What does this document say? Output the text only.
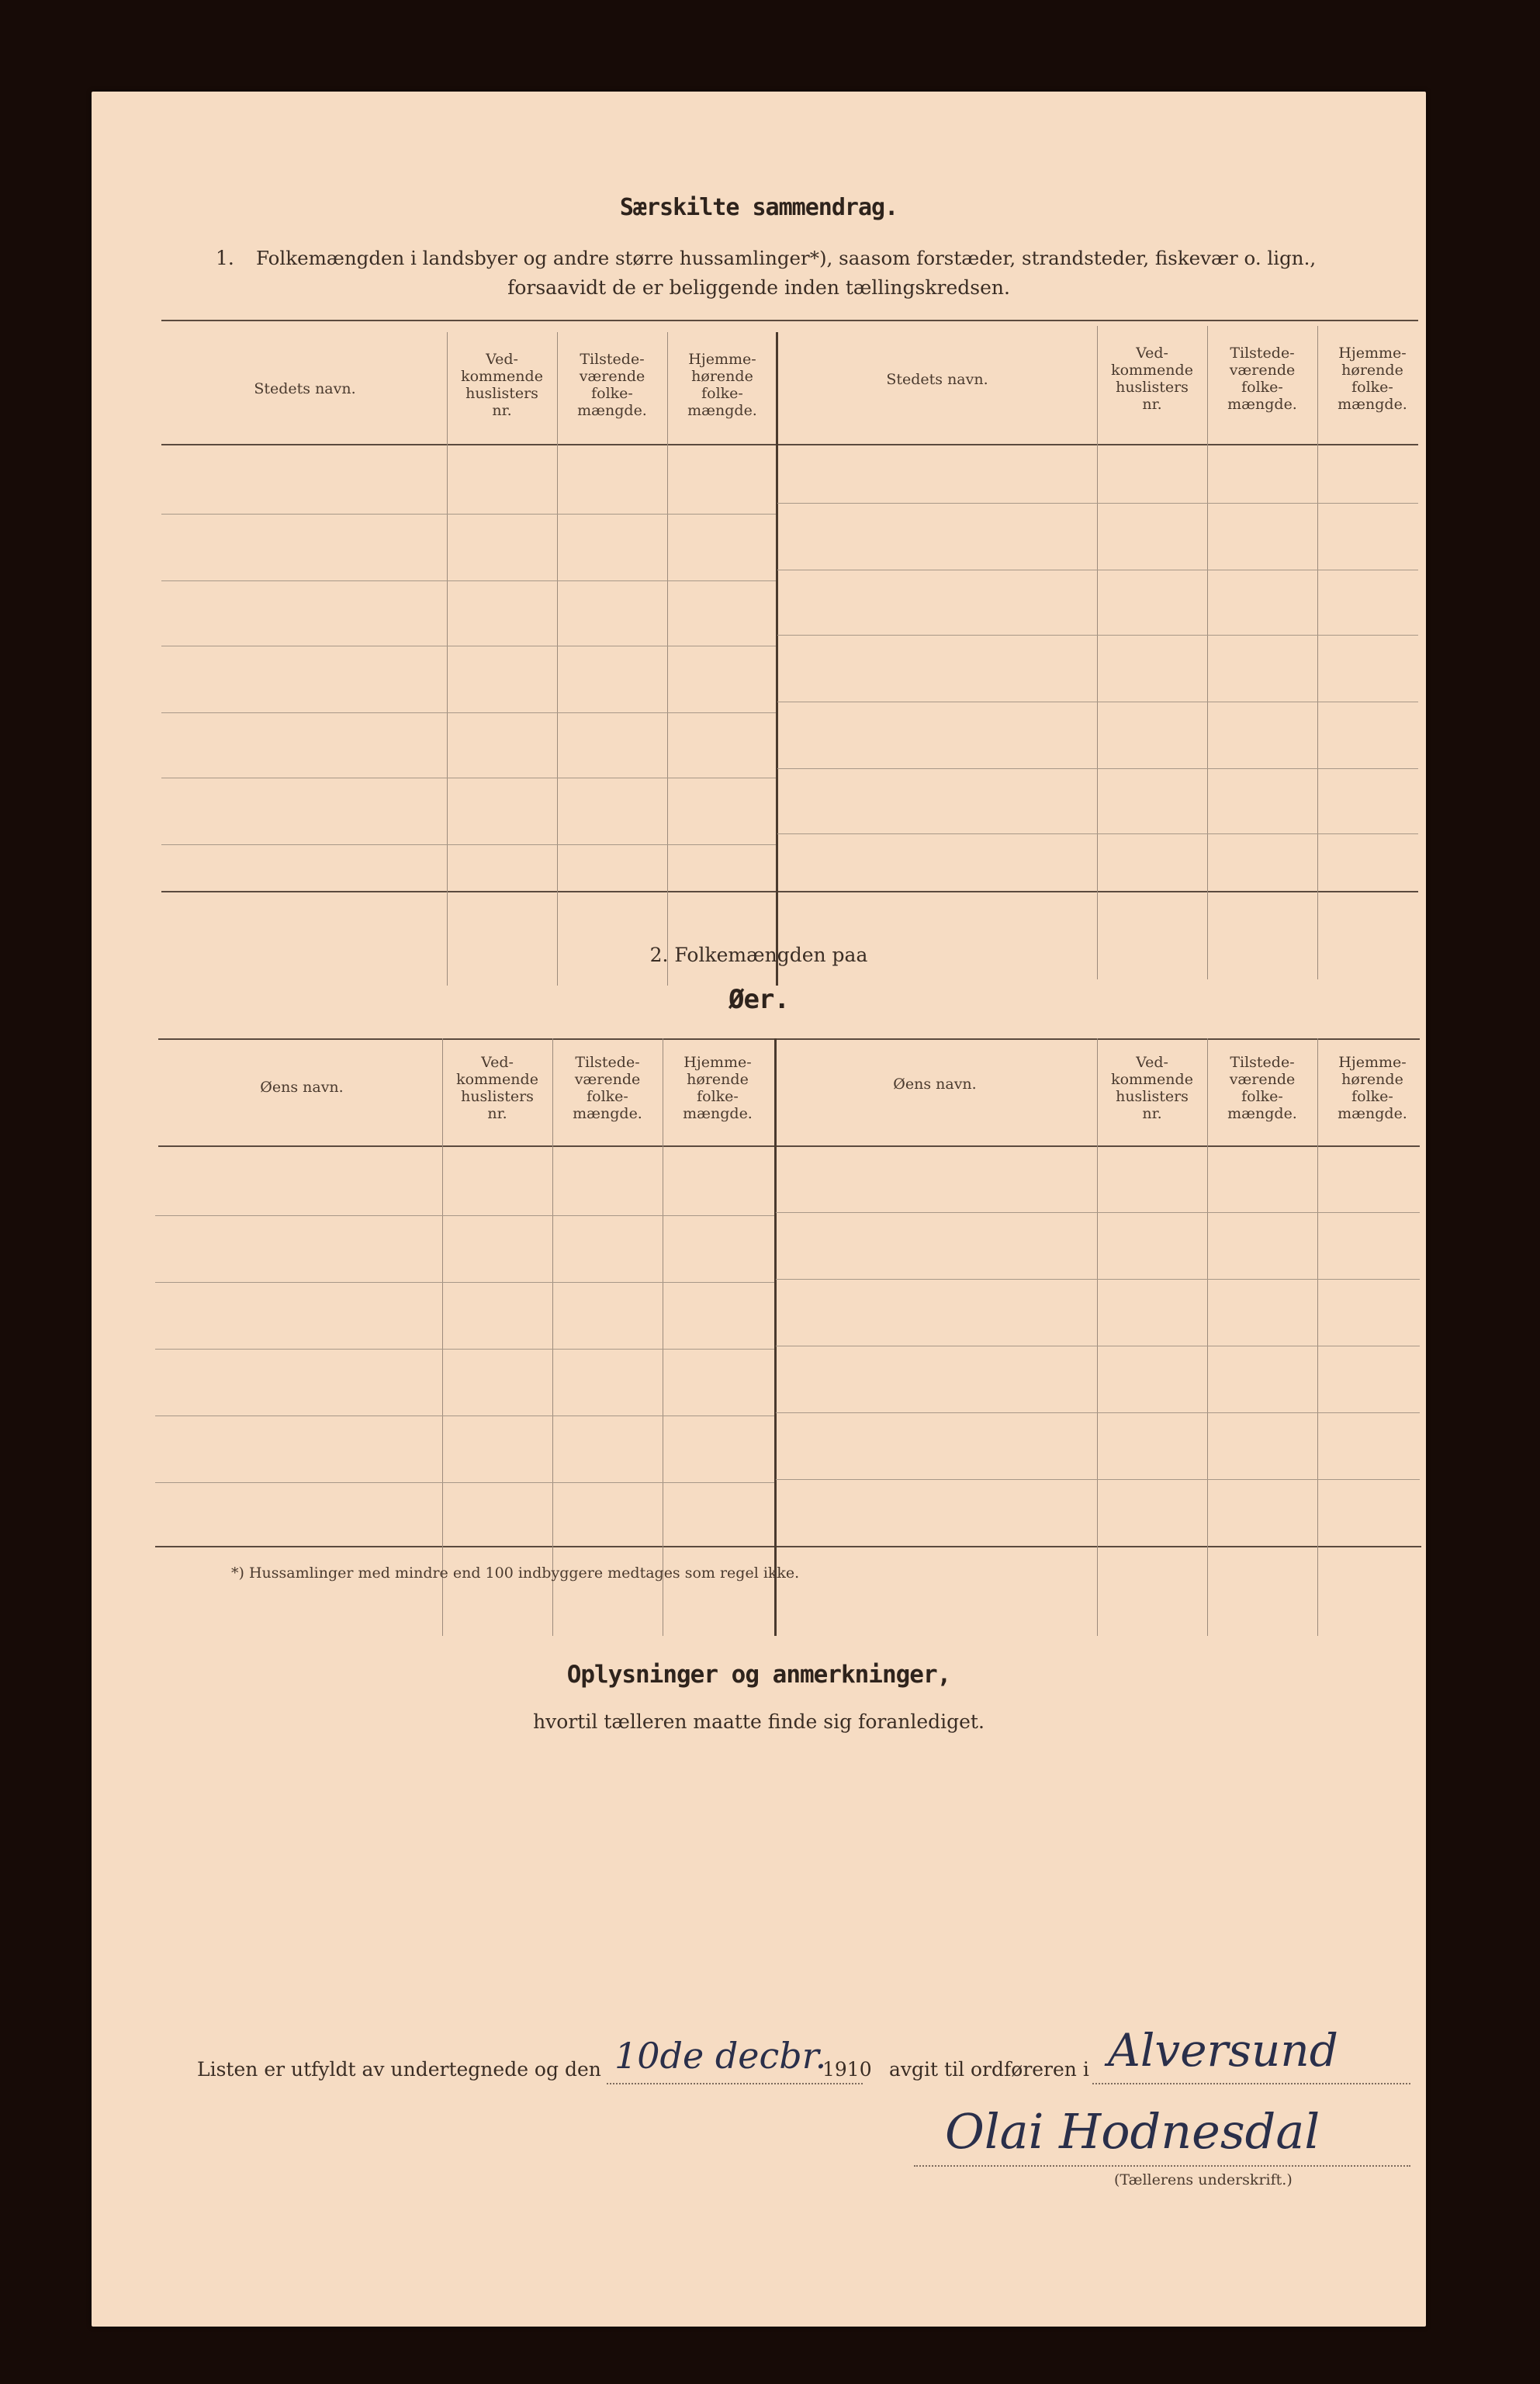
Særskilte sammendrag.
1. Folkemængden i landsbyer og andre større hussamlinger*), saasom forstæder, strandsteder, fiskevær o. lign.,
forsaavidt de er beliggende inden tællingskredsen.
Stedets navn.
Ved-
kommende
huslisters
nr.
Tilstede-
værende
folke-
mængde.
Hjemme-
hørende
folke-
mængde.
Stedets navn.
Ved-
kommende
huslisters
nr.
Tilstede-
værende
folke-
mængde.
Hjemme-
hørende
folke-
mængde.
2. Folkemængden paa
Øer.
Øens navn.
Ved-
kommende
huslisters
nr.
Tilstede-
værende
folke-
mængde.
Hjemme-
hørende
folke-
mængde.
Øens navn.
Ved-
kommende
huslisters
nr.
Tilstede-
værende
folke-
mængde.
Hjemme-
hørende
folke-
mængde.
*) Hussamlinger med mindre end 100 indbyggere medtages som regel ikke.
Oplysninger og anmerkninger,
hvortil tælleren maatte finde sig foranlediget.
Listen er utfyldt av undertegnede og den 10de decbr.
1910 avgit til ordføreren i Alversund
Olai Hodnesdal
(Tællerens underskrift.)
